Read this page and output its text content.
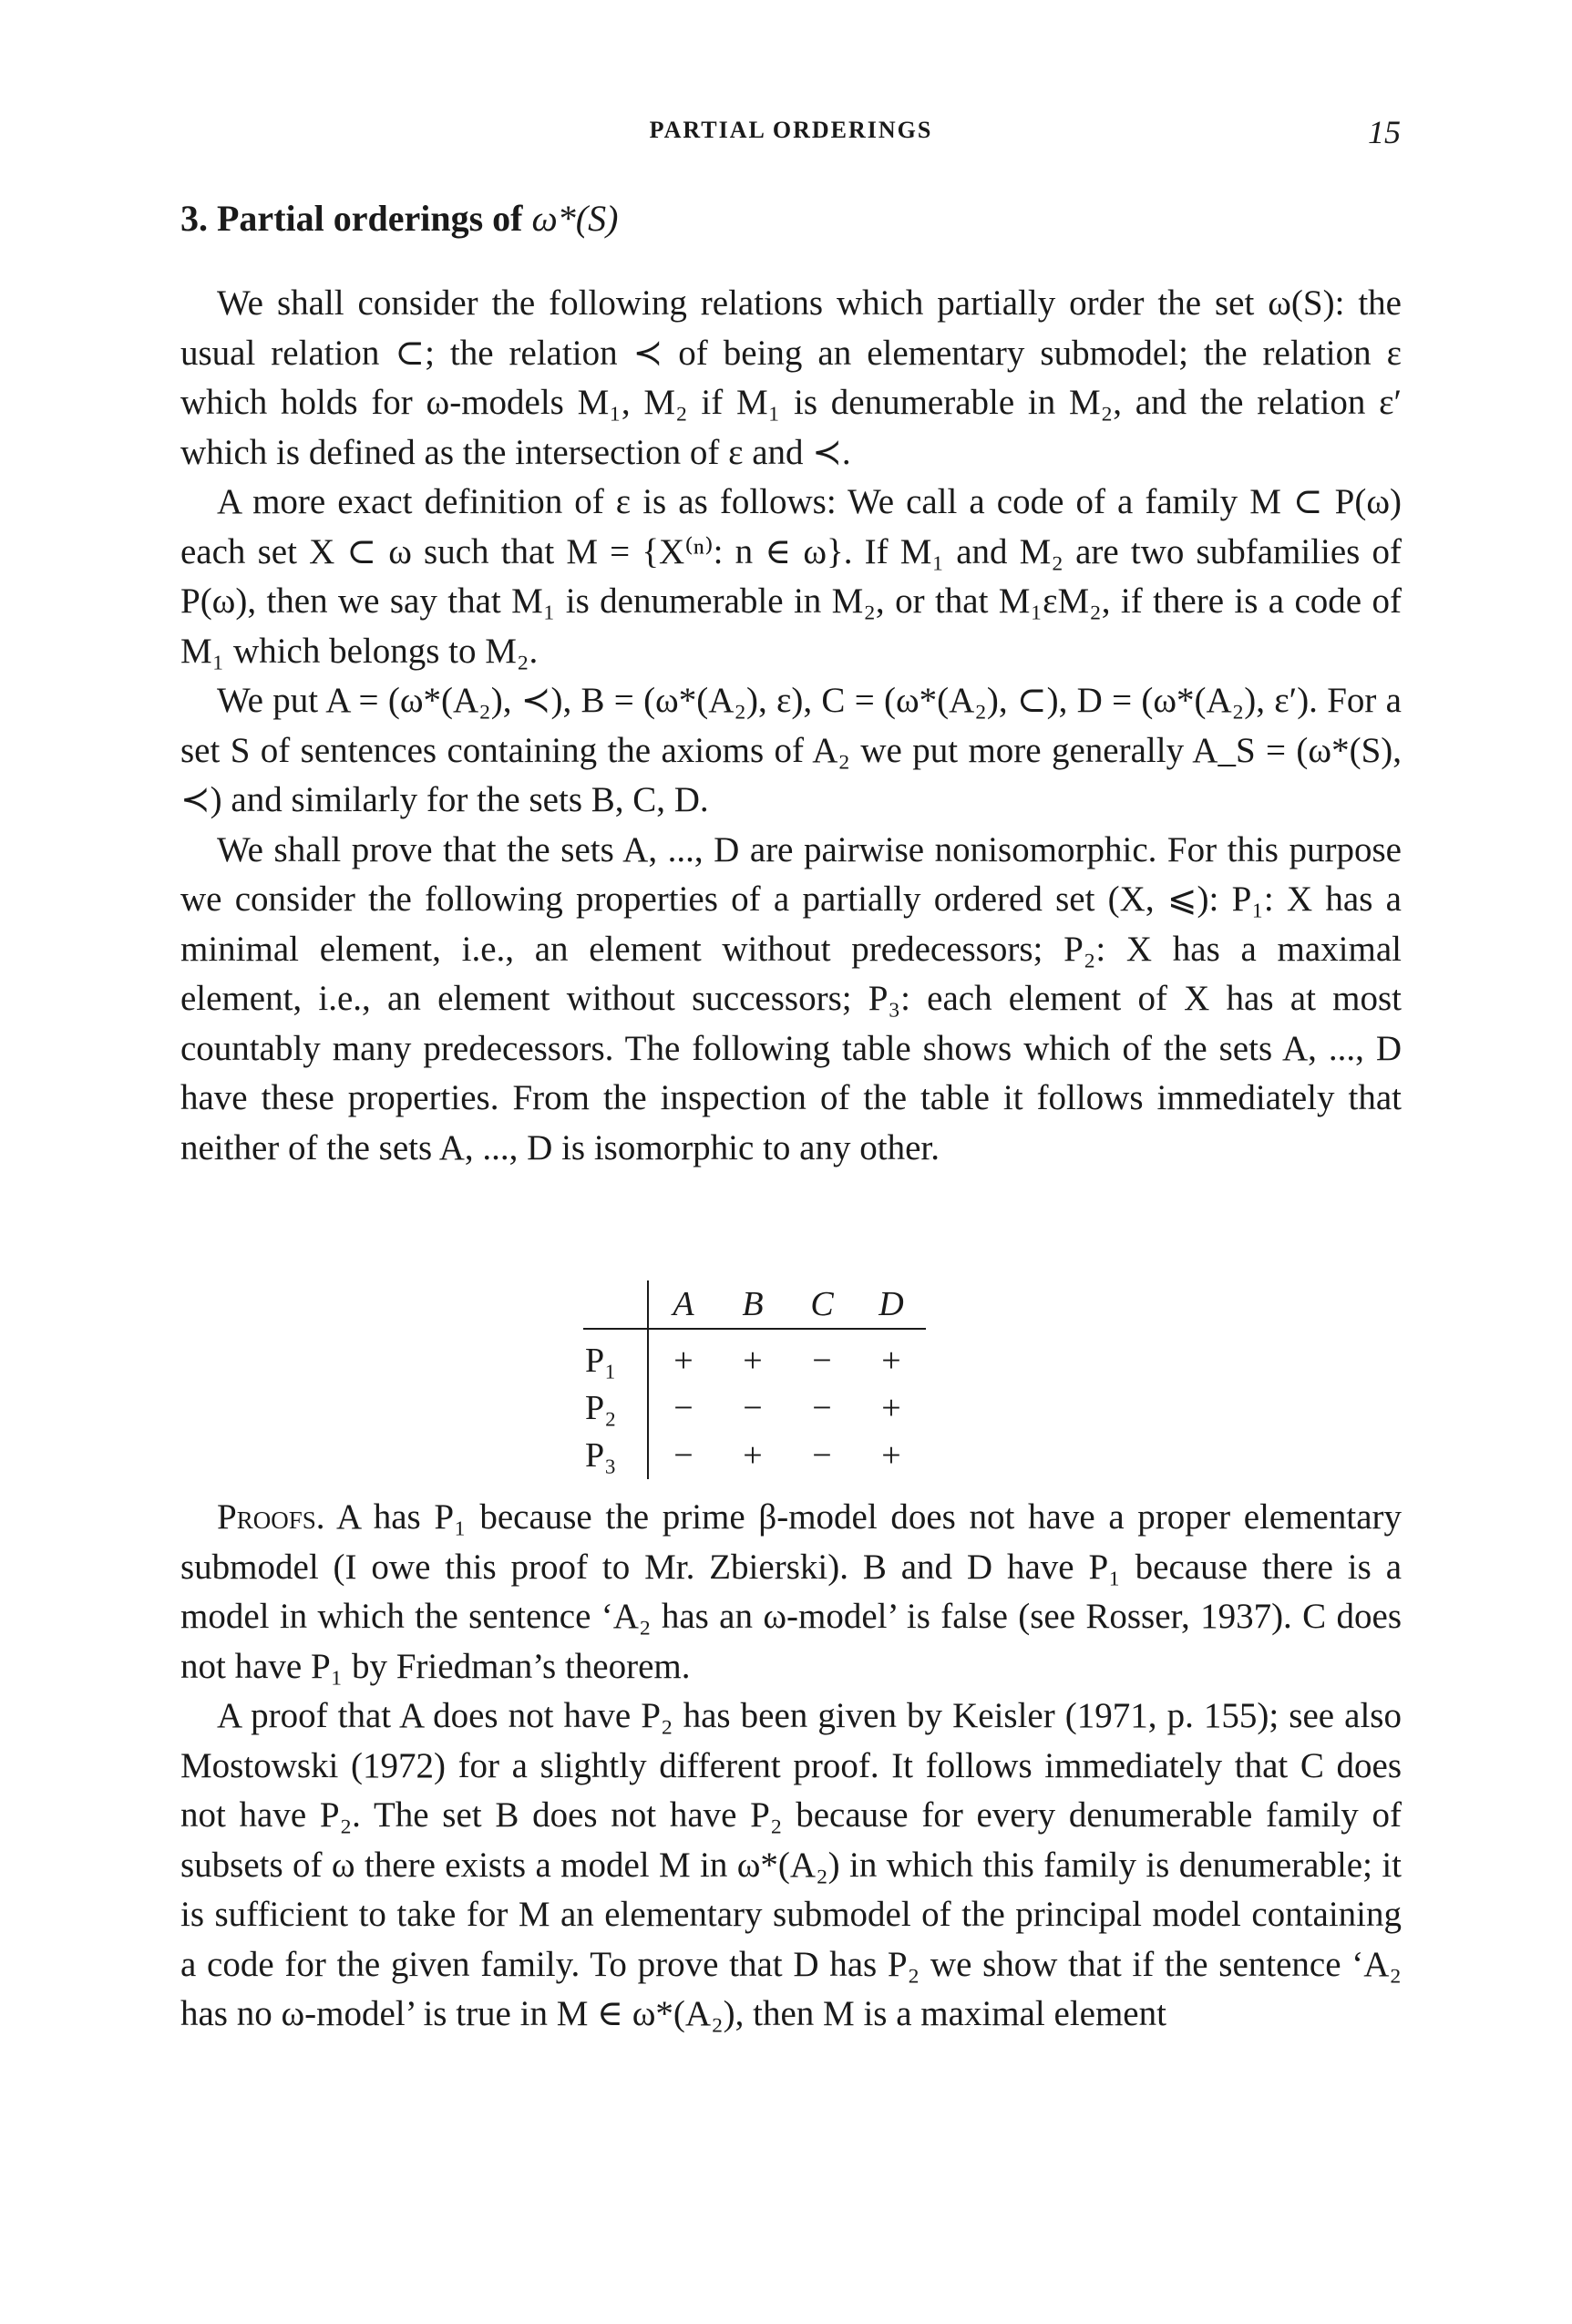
PARTIAL ORDERINGS	15
3. Partial orderings of ω*(S)

We shall consider the following relations which partially order the set ω(S): the usual relation ⊂; the relation ≺ of being an elementary submodel; the relation ε which holds for ω-models M₁, M₂ if M₁ is denumerable in M₂, and the relation ε′ which is defined as the intersection of ε and ≺.

A more exact definition of ε is as follows: We call a code of a family M ⊂ P(ω) each set X ⊂ ω such that M = {X⁽ⁿ⁾: n ∈ ω}. If M₁ and M₂ are two subfamilies of P(ω), then we say that M₁ is denumerable in M₂, or that M₁εM₂, if there is a code of M₁ which belongs to M₂.

We put A = (ω*(A₂), ≺), B = (ω*(A₂), ε), C = (ω*(A₂), ⊂), D = (ω*(A₂), ε′). For a set S of sentences containing the axioms of A₂ we put more generally A_S = (ω*(S), ≺) and similarly for the sets B, C, D.

We shall prove that the sets A, ..., D are pairwise nonisomorphic. For this purpose we consider the following properties of a partially ordered set (X, ⩽): P₁: X has a minimal element, i.e., an element without predecessors; P₂: X has a maximal element, i.e., an element without successors; P₃: each element of X has at most countably many predecessors. The following table shows which of the sets A, ..., D have these properties. From the inspection of the table it follows immediately that neither of the sets A, ..., D is isomorphic to any other.

	A	B	C	D
P₁	+	+	−	+
P₂	−	−	−	+
P₃	−	+	−	+

Proofs. A has P₁ because the prime β-model does not have a proper elementary submodel (I owe this proof to Mr. Zbierski). B and D have P₁ because there is a model in which the sentence ‘A₂ has an ω-model’ is false (see Rosser, 1937). C does not have P₁ by Friedman’s theorem.

A proof that A does not have P₂ has been given by Keisler (1971, p. 155); see also Mostowski (1972) for a slightly different proof. It follows immediately that C does not have P₂. The set B does not have P₂ because for every denumerable family of subsets of ω there exists a model M in ω*(A₂) in which this family is denumerable; it is sufficient to take for M an elementary submodel of the principal model containing a code for the given family. To prove that D has P₂ we show that if the sentence ‘A₂ has no ω-model’ is true in M ∈ ω*(A₂), then M is a maximal element
